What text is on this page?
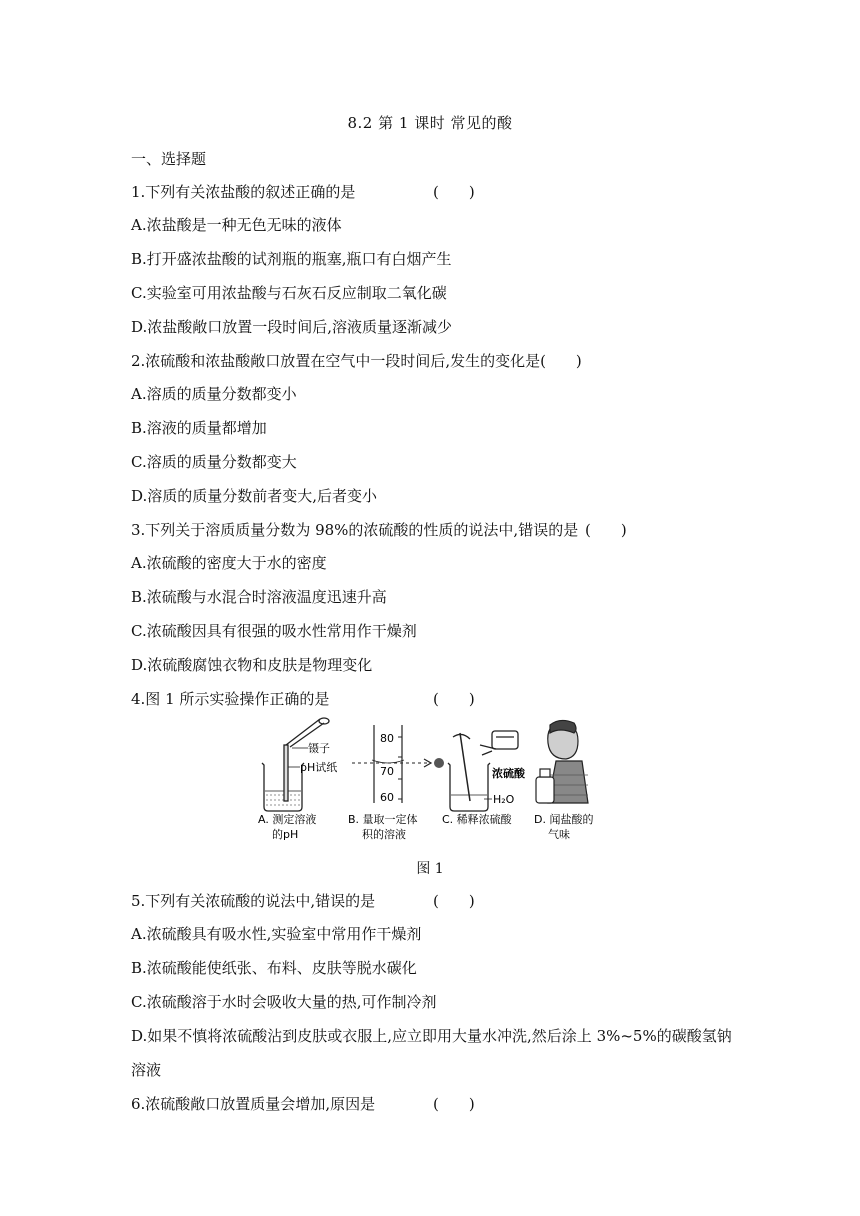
8.2 第 1 课时 常见的酸
一、选择题
1.下列有关浓盐酸的叙述正确的是	(　　)
A.浓盐酸是一种无色无味的液体
B.打开盛浓盐酸的试剂瓶的瓶塞,瓶口有白烟产生
C.实验室可用浓盐酸与石灰石反应制取二氧化碳
D.浓盐酸敞口放置一段时间后,溶液质量逐渐减少
2.浓硫酸和浓盐酸敞口放置在空气中一段时间后,发生的变化是(　　)
A.溶质的质量分数都变小
B.溶液的质量都增加
C.溶质的质量分数都变大
D.溶质的质量分数前者变大,后者变小
3.下列关于溶质质量分数为 98%的浓硫酸的性质的说法中,错误的是 (　　)
A.浓硫酸的密度大于水的密度
B.浓硫酸与水混合时溶液温度迅速升高
C.浓硫酸因具有很强的吸水性常用作干燥剂
D.浓硫酸腐蚀衣物和皮肤是物理变化
4.图 1 所示实验操作正确的是	(　　)
镊子
pH试纸
80
70
60
浓硫酸
H₂O
A. 测定溶液
的pH
B. 量取一定体
积的溶液
C. 稀释浓硫酸 D. 闻盐酸的
气味
图 1
5.下列有关浓硫酸的说法中,错误的是	(　　)
A.浓硫酸具有吸水性,实验室中常用作干燥剂
B.浓硫酸能使纸张、布料、皮肤等脱水碳化
C.浓硫酸溶于水时会吸收大量的热,可作制冷剂
D.如果不慎将浓硫酸沾到皮肤或衣服上,应立即用大量水冲洗,然后涂上 3%~5%的碳酸氢钠
溶液
6.浓硫酸敞口放置质量会增加,原因是	(　　)
